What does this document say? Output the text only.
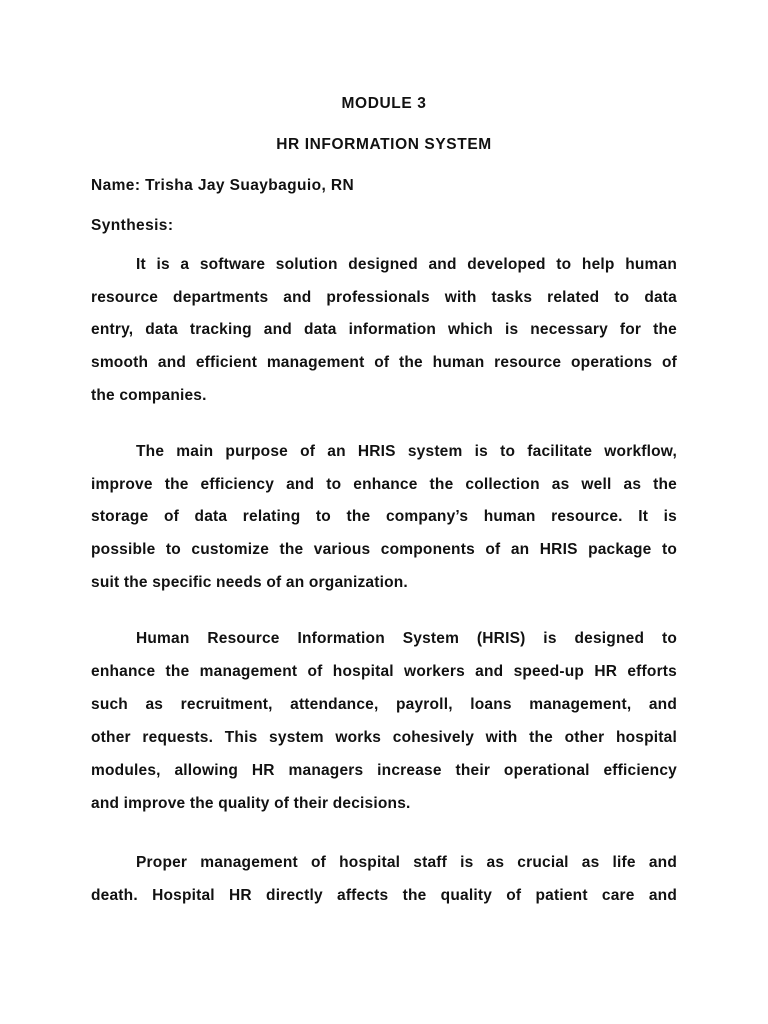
MODULE 3
HR INFORMATION SYSTEM
Name: Trisha Jay Suaybaguio, RN
Synthesis:
It is a software solution designed and developed to help human
resource departments and professionals with tasks related to data
entry, data tracking and data information which is necessary for the
smooth and efficient management of the human resource operations of
the companies.
The main purpose of an HRIS system is to facilitate workflow,
improve the efficiency and to enhance the collection as well as the
storage of data relating to the company’s human resource. It is
possible to customize the various components of an HRIS package to
suit the specific needs of an organization.
Human Resource Information System (HRIS) is designed to
enhance the management of hospital workers and speed-up HR efforts
such as recruitment, attendance, payroll, loans management, and
other requests. This system works cohesively with the other hospital
modules, allowing HR managers increase their operational efficiency
and improve the quality of their decisions.
Proper management of hospital staff is as crucial as life and
death. Hospital HR directly affects the quality of patient care and
